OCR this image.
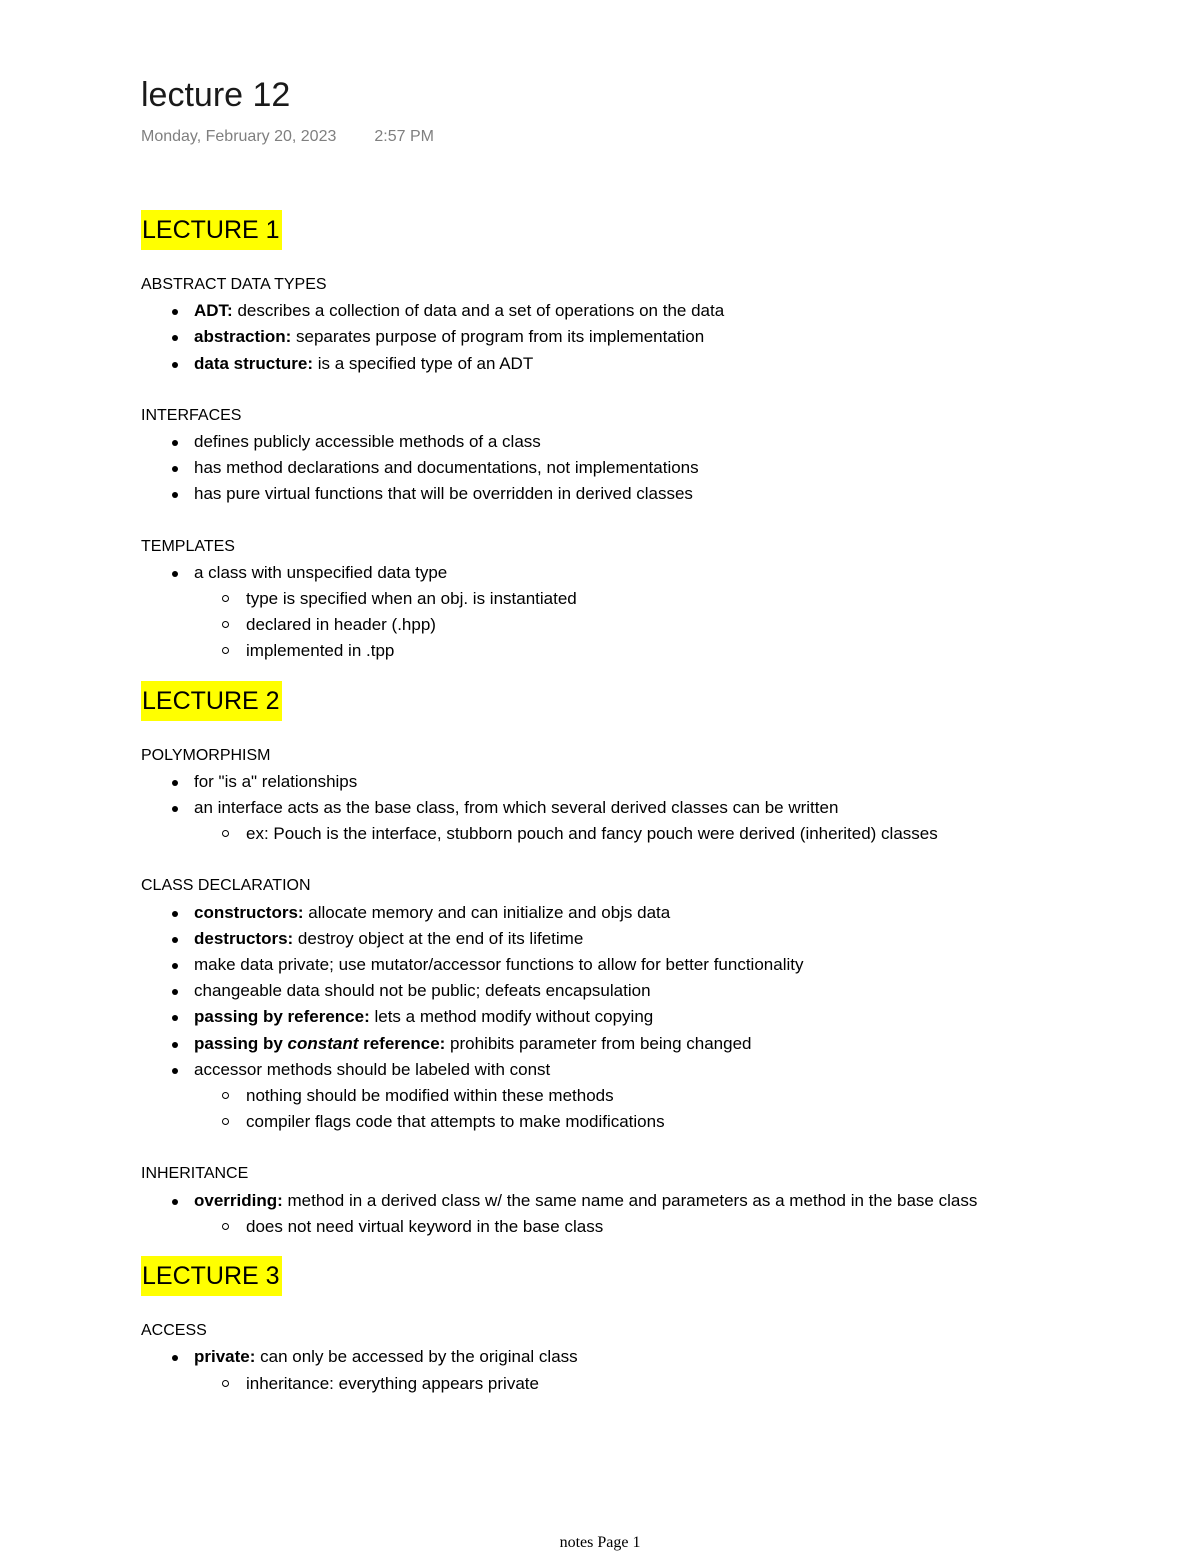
lecture 12
Monday, February 20, 2023 2:57 PM
LECTURE 1
ABSTRACT DATA TYPES
ADT: describes a collection of data and a set of operations on the data
abstraction: separates purpose of program from its implementation
data structure: is a specified type of an ADT
INTERFACES
defines publicly accessible methods of a class
has method declarations and documentations, not implementations
has pure virtual functions that will be overridden in derived classes
TEMPLATES
a class with unspecified data type
type is specified when an obj. is instantiated
declared in header (.hpp)
implemented in .tpp
LECTURE 2
POLYMORPHISM
for "is a" relationships
an interface acts as the base class, from which several derived classes can be written
ex: Pouch is the interface, stubborn pouch and fancy pouch were derived (inherited) classes
CLASS DECLARATION
constructors: allocate memory and can initialize and objs data
destructors: destroy object at the end of its lifetime
make data private; use mutator/accessor functions to allow for better functionality
changeable data should not be public; defeats encapsulation
passing by reference: lets a method modify without copying
passing by constant reference: prohibits parameter from being changed
accessor methods should be labeled with const
nothing should be modified within these methods
compiler flags code that attempts to make modifications
INHERITANCE
overriding: method in a derived class w/ the same name and parameters as a method in the base class
does not need virtual keyword in the base class
LECTURE 3
ACCESS
private: can only be accessed by the original class
inheritance: everything appears private
notes Page 1
